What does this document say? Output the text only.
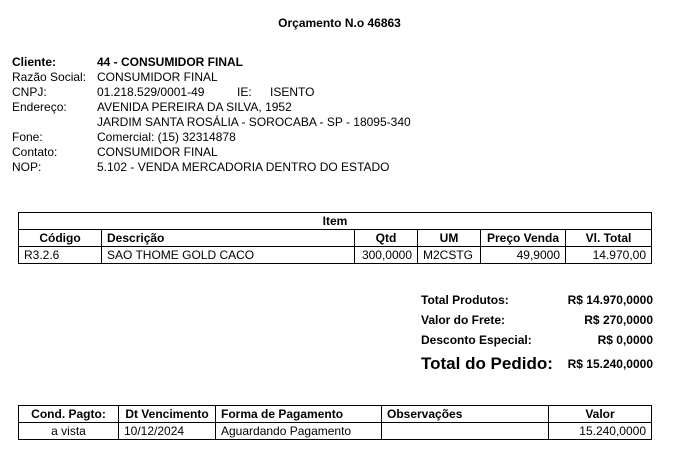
Orçamento N.o 46863
Cliente:	44 - CONSUMIDOR FINAL
Razão Social: CONSUMIDOR FINAL
CNPJ:	01.218.529/0001-49	IE: ISENTO
Endereço:	AVENIDA PEREIRA DA SILVA, 1952
JARDIM SANTA ROSÁLIA - SOROCABA - SP - 18095-340
Fone:	Comercial: (15) 32314878
Contato:	CONSUMIDOR FINAL
NOP:	5.102 - VENDA MERCADORIA DENTRO DO ESTADO
Item					
Código	Descrição	Qtd	UM	Preço Venda	Vl. Total
R3.2.6	SAO THOME GOLD CACO	300,0000	M2CSTG	49,9000	14.970,00
Total Produtos:	R$ 14.970,0000
Valor do Frete:	R$ 270,0000
Desconto Especial:	R$ 0,0000
Total do Pedido: R$ 15.240,0000
Cond. Pagto:	Dt Vencimento	Forma de Pagamento	Observações	Valor
a vista	10/12/2024	Aguardando Pagamento		15.240,0000
